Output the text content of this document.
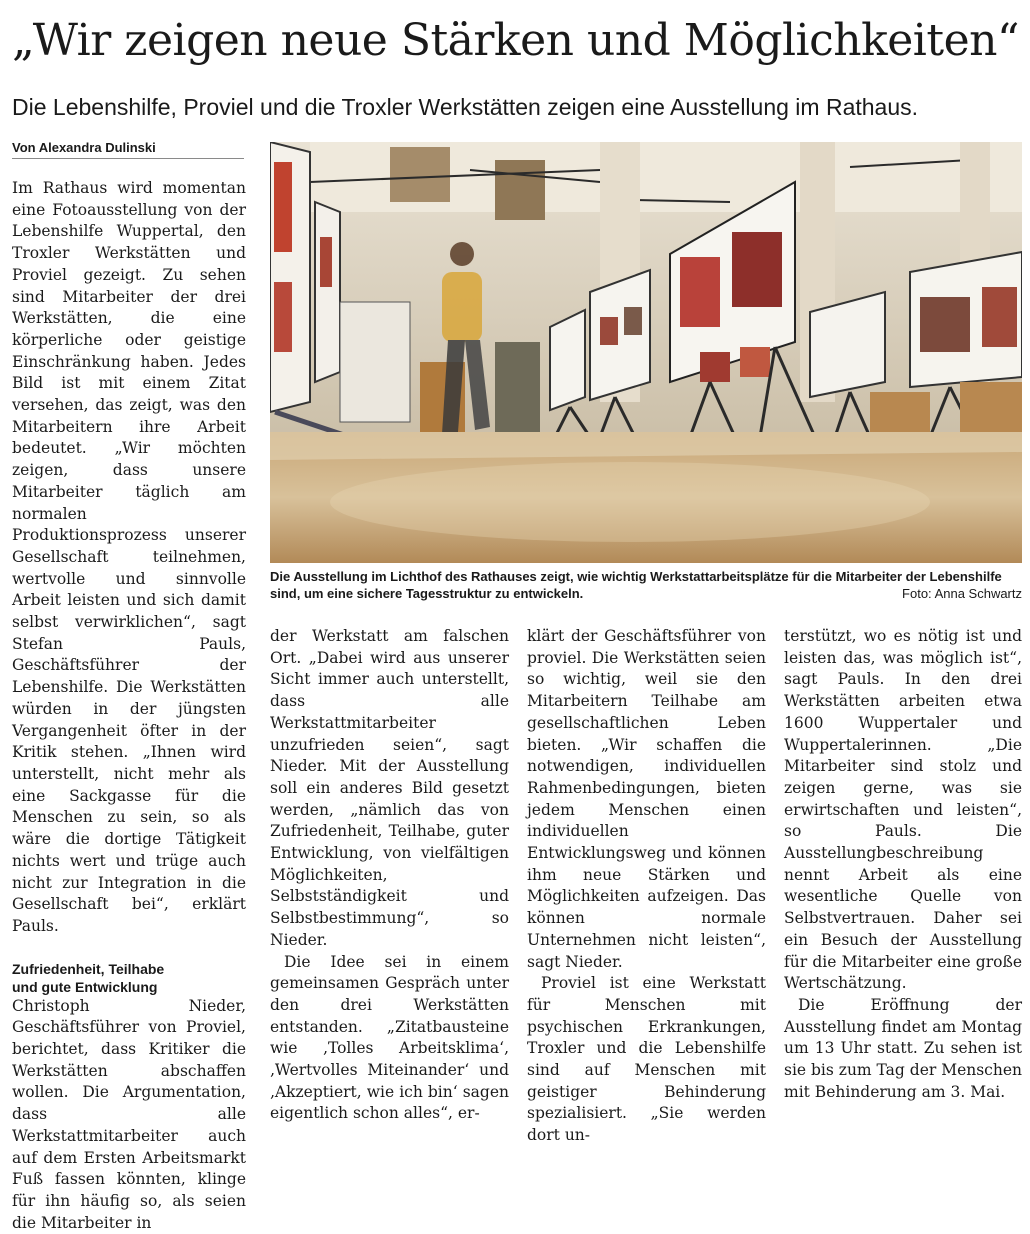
„Wir zeigen neue Stärken und Möglichkeiten“
Die Lebenshilfe, Proviel und die Troxler Werkstätten zeigen eine Ausstellung im Rathaus.
Von Alexandra Dulinski

Im Rathaus wird momentan eine Fotoausstellung von der Lebenshilfe Wuppertal, den Troxler Werkstätten und Proviel gezeigt. Zu sehen sind Mitarbeiter der drei Werkstätten, die eine körperliche oder geistige Einschränkung haben. Jedes Bild ist mit einem Zitat versehen, das zeigt, was den Mitarbeitern ihre Arbeit bedeutet. „Wir möchten zeigen, dass unsere Mitarbeiter täglich am normalen Produktionsprozess unserer Gesellschaft teilnehmen, wertvolle und sinnvolle Arbeit leisten und sich damit selbst verwirklichen“, sagt Stefan Pauls, Geschäftsführer der Lebenshilfe. Die Werkstätten würden in der jüngsten Vergangenheit öfter in der Kritik stehen. „Ihnen wird unterstellt, nicht mehr als eine Sackgasse für die Menschen zu sein, so als wäre die dortige Tätigkeit nichts wert und trüge auch nicht zur Integration in die Gesellschaft bei“, erklärt Pauls.

Zufriedenheit, Teilhabe
und gute Entwicklung

Christoph Nieder, Geschäftsführer von Proviel, berichtet, dass Kritiker die Werkstätten abschaffen wollen. Die Argumentation, dass alle Werkstattmitarbeiter auch auf dem Ersten Arbeitsmarkt Fuß fassen könnten, klinge für ihn häufig so, als seien die Mitarbeiter in

Die Ausstellung im Lichthof des Rathauses zeigt, wie wichtig Werkstattarbeitsplätze für die Mitarbeiter der Lebenshilfe sind, um eine sichere Tagesstruktur zu entwickeln.	Foto: Anna Schwartz

der Werkstatt am falschen Ort. „Dabei wird aus unserer Sicht immer auch unterstellt, dass alle Werkstattmitarbeiter unzufrieden seien“, sagt Nieder. Mit der Ausstellung soll ein anderes Bild gesetzt werden, „nämlich das von Zufriedenheit, Teilhabe, guter Entwicklung, von vielfältigen Möglichkeiten, Selbstständigkeit und Selbstbestimmung“, so Nieder.

Die Idee sei in einem gemeinsamen Gespräch unter den drei Werkstätten entstanden. „Zitatbausteine wie ‚Tolles Arbeitsklima‘, ‚Wertvolles Miteinander‘ und ‚Akzeptiert, wie ich bin‘ sagen eigentlich schon alles“, er-

klärt der Geschäftsführer von proviel. Die Werkstätten seien so wichtig, weil sie den Mitarbeitern Teilhabe am gesellschaftlichen Leben bieten. „Wir schaffen die notwendigen, individuellen Rahmenbedingungen, bieten jedem Menschen einen individuellen Entwicklungsweg und können ihm neue Stärken und Möglichkeiten aufzeigen. Das können normale Unternehmen nicht leisten“, sagt Nieder.

Proviel ist eine Werkstatt für Menschen mit psychischen Erkrankungen, Troxler und die Lebenshilfe sind auf Menschen mit geistiger Behinderung spezialisiert. „Sie werden dort un-

terstützt, wo es nötig ist und leisten das, was möglich ist“, sagt Pauls. In den drei Werkstätten arbeiten etwa 1600 Wuppertaler und Wuppertalerinnen. „Die Mitarbeiter sind stolz und zeigen gerne, was sie erwirtschaften und leisten“, so Pauls. Die Ausstellungbeschreibung nennt Arbeit als eine wesentliche Quelle von Selbstvertrauen. Daher sei ein Besuch der Ausstellung für die Mitarbeiter eine große Wertschätzung.

Die Eröffnung der Ausstellung findet am Montag um 13 Uhr statt. Zu sehen ist sie bis zum Tag der Menschen mit Behinderung am 3. Mai.
